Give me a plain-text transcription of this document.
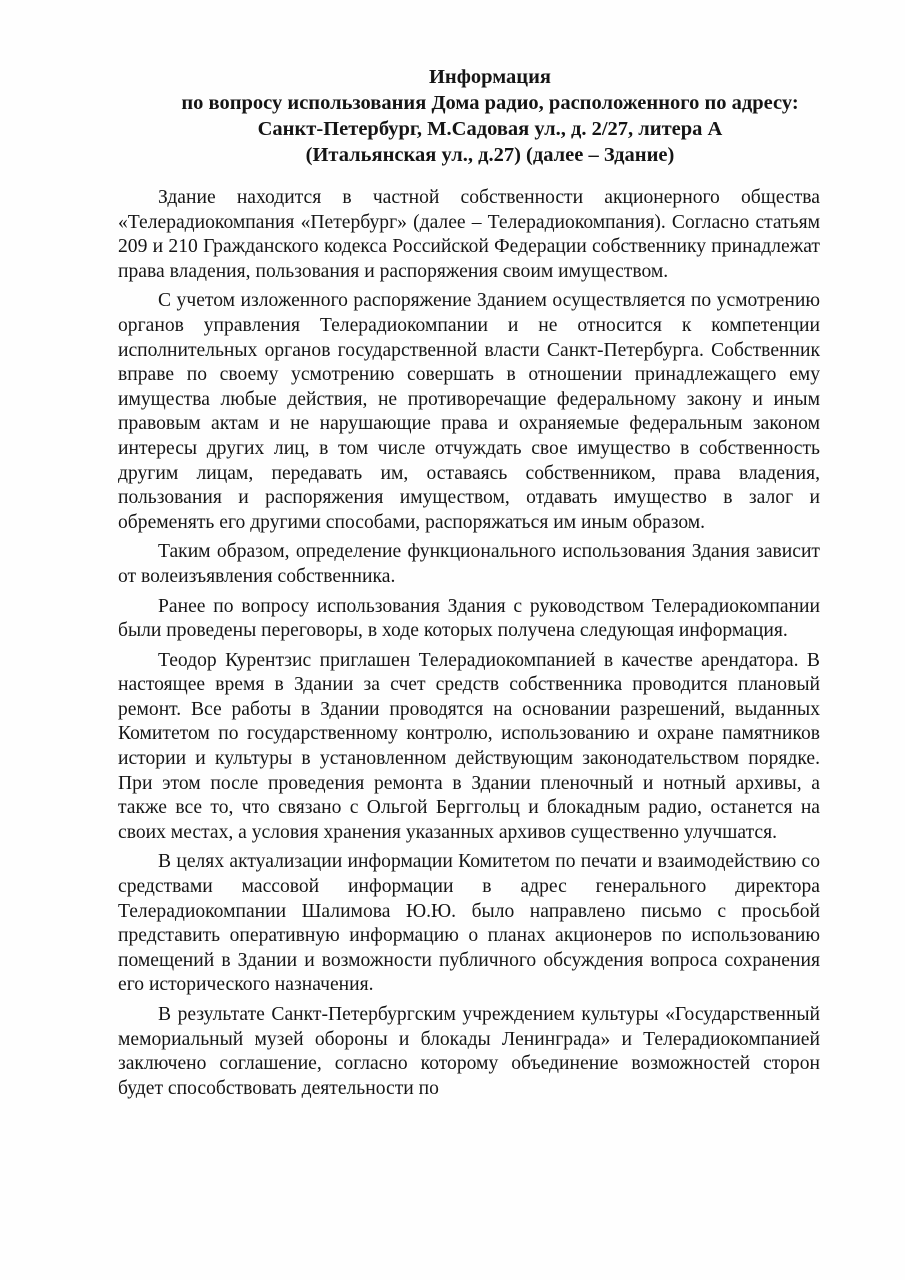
Информация
по вопросу использования Дома радио, расположенного по адресу:
Санкт-Петербург, М.Садовая ул., д. 2/27, литера А
(Итальянская ул., д.27) (далее – Здание)

Здание находится в частной собственности акционерного общества «Телерадиокомпания «Петербург» (далее – Телерадиокомпания). Согласно статьям 209 и 210 Гражданского кодекса Российской Федерации собственнику принадлежат права владения, пользования и распоряжения своим имуществом.

С учетом изложенного распоряжение Зданием осуществляется по усмотрению органов управления Телерадиокомпании и не относится к компетенции исполнительных органов государственной власти Санкт-Петербурга. Собственник вправе по своему усмотрению совершать в отношении принадлежащего ему имущества любые действия, не противоречащие федеральному закону и иным правовым актам и не нарушающие права и охраняемые федеральным законом интересы других лиц, в том числе отчуждать свое имущество в собственность другим лицам, передавать им, оставаясь собственником, права владения, пользования и распоряжения имуществом, отдавать имущество в залог и обременять его другими способами, распоряжаться им иным образом.

Таким образом, определение функционального использования Здания зависит от волеизъявления собственника.

Ранее по вопросу использования Здания с руководством Телерадиокомпании были проведены переговоры, в ходе которых получена следующая информация.

Теодор Курентзис приглашен Телерадиокомпанией в качестве арендатора. В настоящее время в Здании за счет средств собственника проводится плановый ремонт. Все работы в Здании проводятся на основании разрешений, выданных Комитетом по государственному контролю, использованию и охране памятников истории и культуры в установленном действующим законодательством порядке. При этом после проведения ремонта в Здании пленочный и нотный архивы, а также все то, что связано с Ольгой Берггольц и блокадным радио, останется на своих местах, а условия хранения указанных архивов существенно улучшатся.

В целях актуализации информации Комитетом по печати и взаимодействию со средствами массовой информации в адрес генерального директора Телерадиокомпании Шалимова Ю.Ю. было направлено письмо с просьбой представить оперативную информацию о планах акционеров по использованию помещений в Здании и возможности публичного обсуждения вопроса сохранения его исторического назначения.

В результате Санкт-Петербургским учреждением культуры «Государственный мемориальный музей обороны и блокады Ленинграда» и Телерадиокомпанией заключено соглашение, согласно которому объединение возможностей сторон будет способствовать деятельности по
